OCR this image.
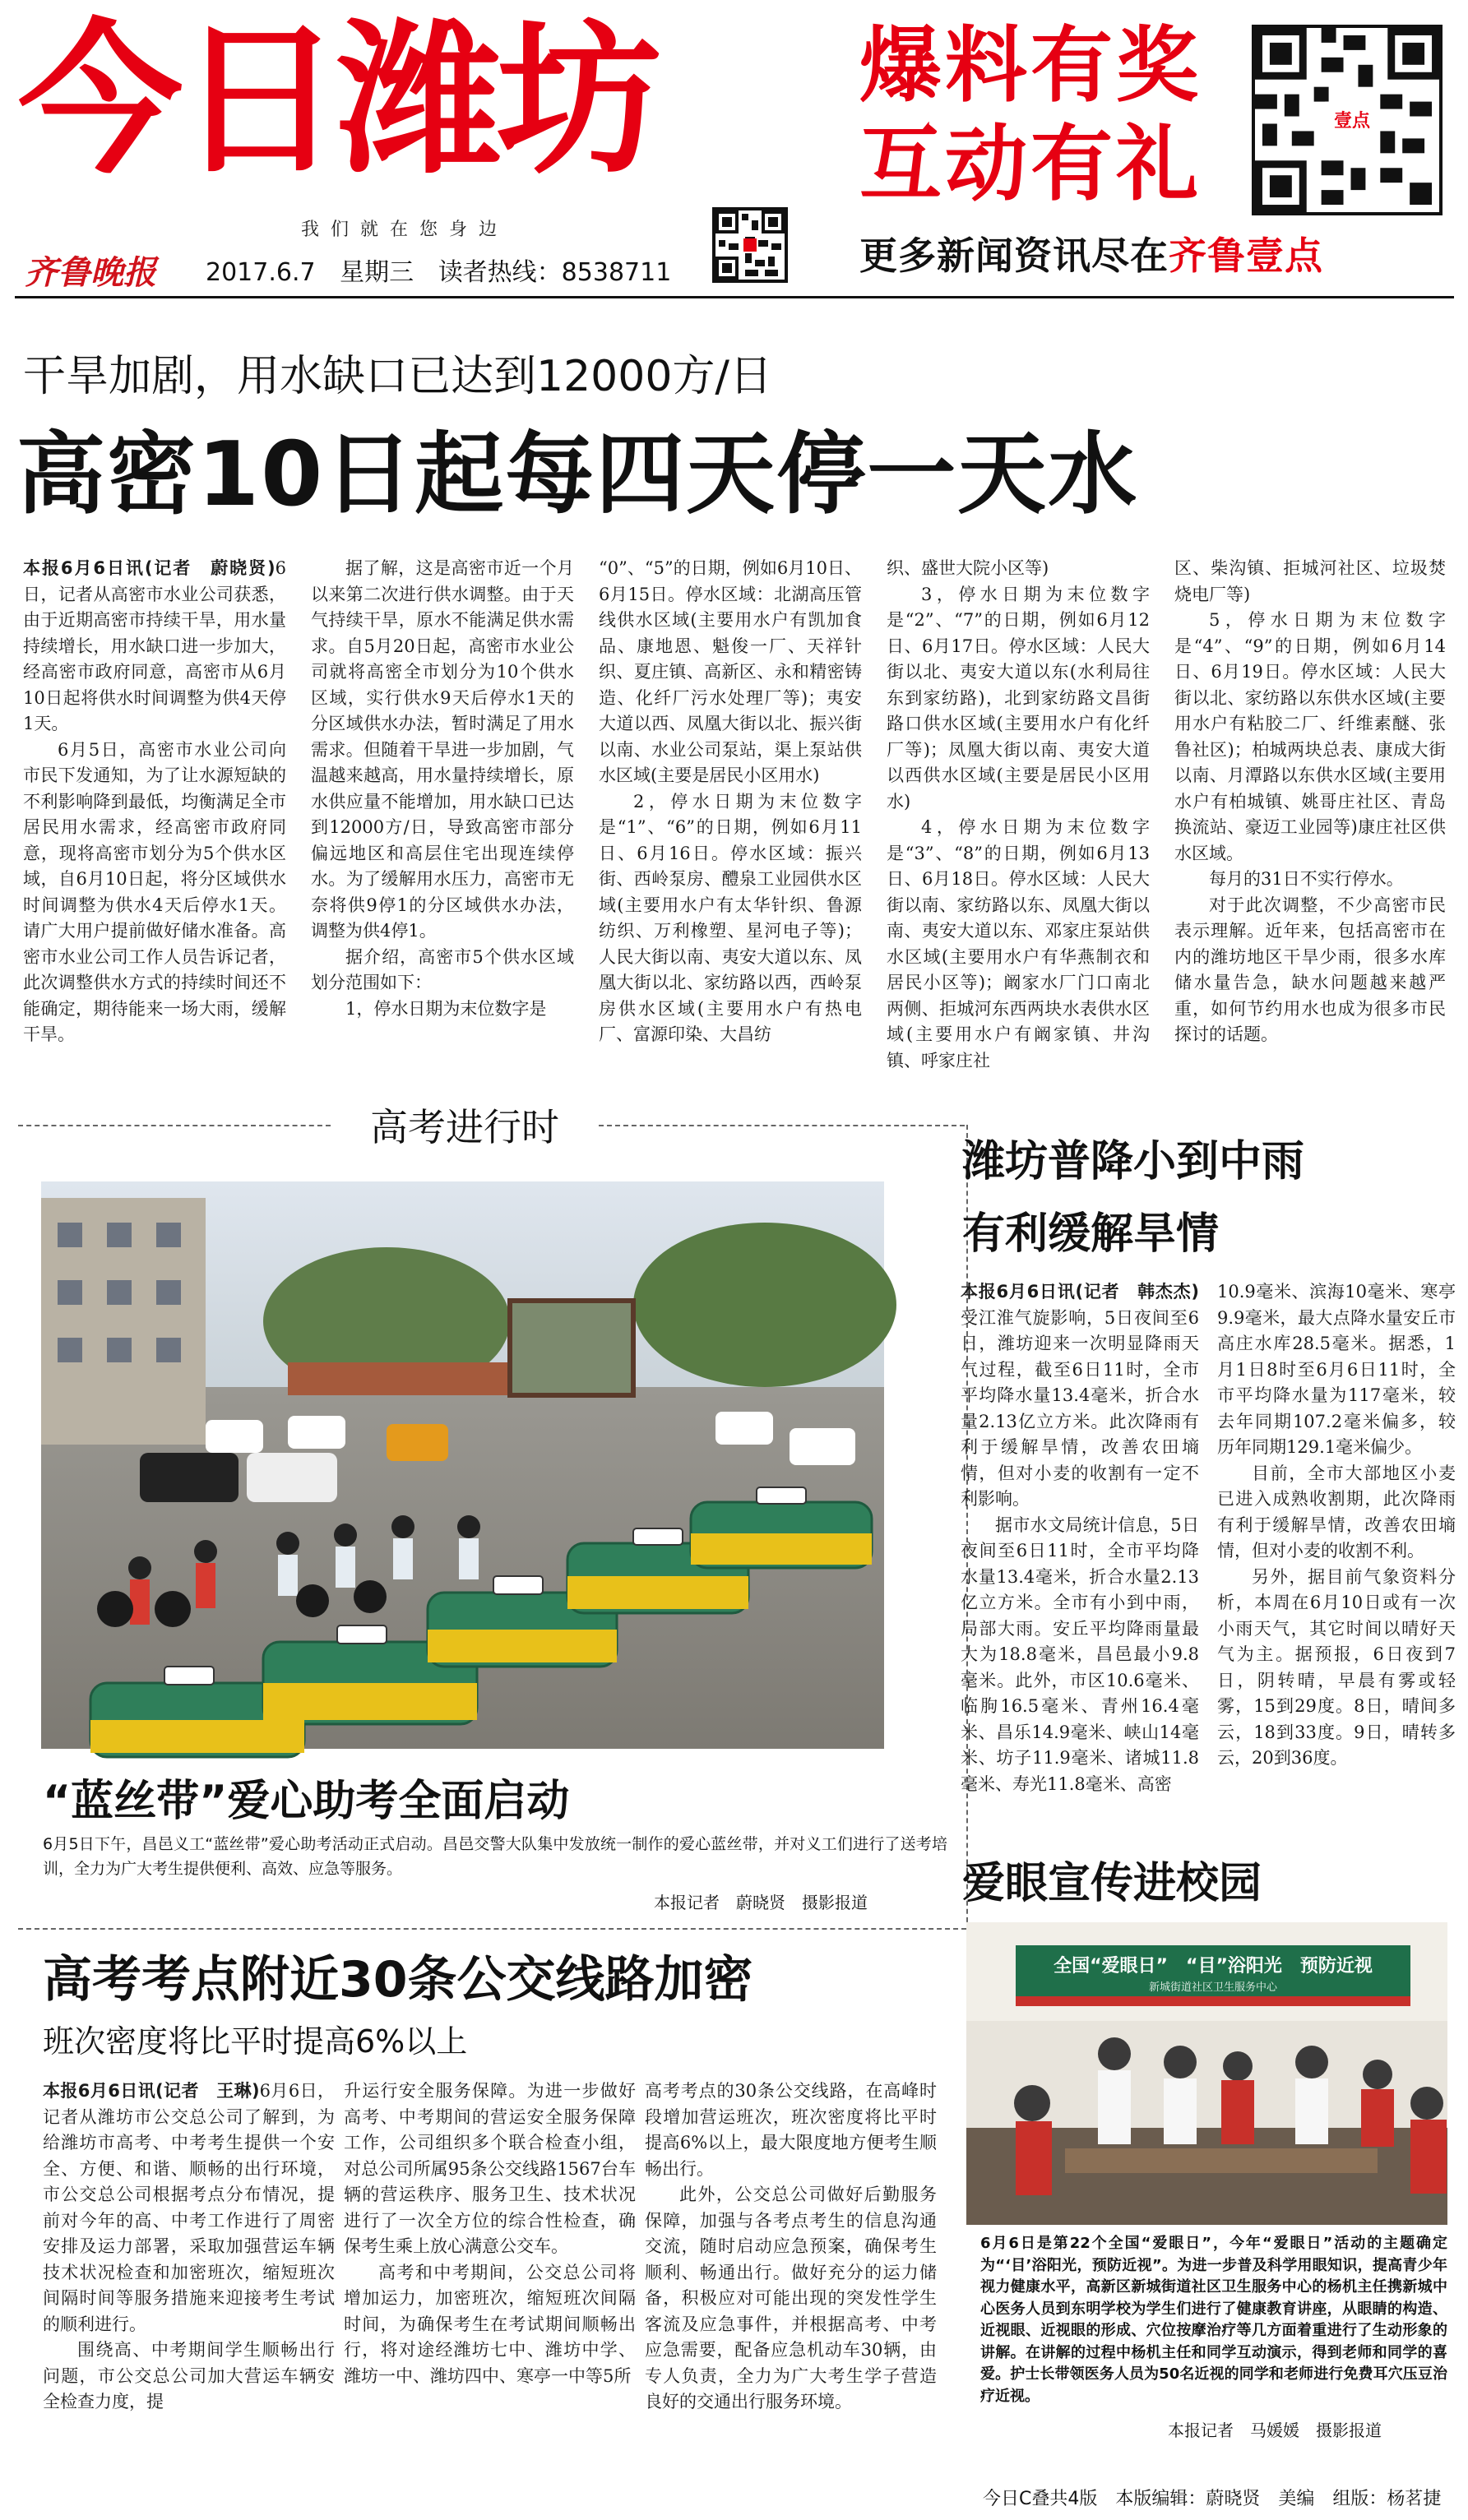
今日潍坊
我们就在您身边
齐鲁晚报	2017.6.7 星期三 读者热线：8538711
爆料有奖
互动有礼
更多新闻资讯尽在齐鲁壹点
壹点
干旱加剧，用水缺口已达到12000方/日
高密10日起每四天停一天水

本报6月6日讯(记者　蔚晓贤)6日，记者从高密市水业公司获悉，由于近期高密市持续干旱，用水量持续增长，用水缺口进一步加大，经高密市政府同意，高密市从6月10日起将供水时间调整为供4天停1天。

6月5日，高密市水业公司向市民下发通知，为了让水源短缺的不利影响降到最低，均衡满足全市居民用水需求，经高密市政府同意，现将高密市划分为5个供水区域，自6月10日起，将分区域供水时间调整为供水4天后停水1天。请广大用户提前做好储水准备。高密市水业公司工作人员告诉记者，此次调整供水方式的持续时间还不能确定，期待能来一场大雨，缓解干旱。

据了解，这是高密市近一个月以来第二次进行供水调整。由于天气持续干旱，原水不能满足供水需求。自5月20日起，高密市水业公司就将高密全市划分为10个供水区域，实行供水9天后停水1天的分区域供水办法，暂时满足了用水需求。但随着干旱进一步加剧，气温越来越高，用水量持续增长，原水供应量不能增加，用水缺口已达到12000方/日，导致高密市部分偏远地区和高层住宅出现连续停水。为了缓解用水压力，高密市无奈将供9停1的分区域供水办法，调整为供4停1。

据介绍，高密市5个供水区域划分范围如下：

1，停水日期为末位数字是

“0”、“5”的日期，例如6月10日、6月15日。停水区域：北湖高压管线供水区域(主要用水户有凯加食品、康地恩、魁俊一厂、天祥针织、夏庄镇、高新区、永和精密铸造、化纤厂污水处理厂等)；夷安大道以西、凤凰大街以北、振兴街以南、水业公司泵站，渠上泵站供水区域(主要是居民小区用水)

2，停水日期为末位数字是“1”、“6”的日期，例如6月11日、6月16日。停水区域：振兴街、西岭泵房、醴泉工业园供水区域(主要用水户有太华针织、鲁源纺织、万利橡塑、星河电子等)；人民大街以南、夷安大道以东、凤凰大街以北、家纺路以西，西岭泵房供水区域(主要用水户有热电厂、富源印染、大昌纺

织、盛世大院小区等)

3，停水日期为末位数字是“2”、“7”的日期，例如6月12日、6月17日。停水区域：人民大街以北、夷安大道以东(水利局往东到家纺路)，北到家纺路文昌街路口供水区域(主要用水户有化纤厂等)；凤凰大街以南、夷安大道以西供水区域(主要是居民小区用水)

4，停水日期为末位数字是“3”、“8”的日期，例如6月13日、6月18日。停水区域：人民大街以南、家纺路以东、凤凰大街以南、夷安大道以东、邓家庄泵站供水区域(主要用水户有华燕制衣和居民小区等)；阚家水厂门口南北两侧、拒城河东西两块水表供水区域(主要用水户有阚家镇、井沟镇、呼家庄社

区、柴沟镇、拒城河社区、垃圾焚烧电厂等)

5，停水日期为末位数字是“4”、“9”的日期，例如6月14日、6月19日。停水区域：人民大街以北、家纺路以东供水区域(主要用水户有粘胶二厂、纤维素醚、张鲁社区)；柏城两块总表、康成大街以南、月潭路以东供水区域(主要用水户有柏城镇、姚哥庄社区、青岛换流站、豪迈工业园等)康庄社区供水区域。

每月的31日不实行停水。

对于此次调整，不少高密市民表示理解。近年来，包括高密市在内的潍坊地区干旱少雨，很多水库储水量告急，缺水问题越来越严重，如何节约用水也成为很多市民探讨的话题。

高考进行时
“蓝丝带”爱心助考全面启动
6月5日下午，昌邑义工“蓝丝带”爱心助考活动正式启动。昌邑交警大队集中发放统一制作的爱心蓝丝带，并对义工们进行了送考培训，全力为广大考生提供便利、高效、应急等服务。
本报记者　蔚晓贤　摄影报道
高考考点附近30条公交线路加密
班次密度将比平时提高6%以上

本报6月6日讯(记者　王琳)6月6日，记者从潍坊市公交总公司了解到，为给潍坊市高考、中考考生提供一个安全、方便、和谐、顺畅的出行环境，市公交总公司根据考点分布情况，提前对今年的高、中考工作进行了周密安排及运力部署，采取加强营运车辆技术状况检查和加密班次，缩短班次间隔时间等服务措施来迎接考生考试的顺利进行。

围绕高、中考期间学生顺畅出行问题，市公交总公司加大营运车辆安全检查力度，提

升运行安全服务保障。为进一步做好高考、中考期间的营运安全服务保障工作，公司组织多个联合检查小组，对总公司所属95条公交线路1567台车辆的营运秩序、服务卫生、技术状况进行了一次全方位的综合性检查，确保考生乘上放心满意公交车。

高考和中考期间，公交总公司将增加运力，加密班次，缩短班次间隔时间，为确保考生在考试期间顺畅出行，将对途经潍坊七中、潍坊中学、潍坊一中、潍坊四中、寒亭一中等5所

高考考点的30条公交线路，在高峰时段增加营运班次，班次密度将比平时提高6%以上，最大限度地方便考生顺畅出行。

此外，公交总公司做好后勤服务保障，加强与各考点考生的信息沟通交流，随时启动应急预案，确保考生顺利、畅通出行。做好充分的运力储备，积极应对可能出现的突发性学生客流及应急事件，并根据高考、中考应急需要，配备应急机动车30辆，由专人负责，全力为广大考生学子营造良好的交通出行服务环境。

潍坊普降小到中雨
有利缓解旱情

本报6月6日讯(记者　韩杰杰)受江淮气旋影响，5日夜间至6日，潍坊迎来一次明显降雨天气过程，截至6日11时，全市平均降水量13.4毫米，折合水量2.13亿立方米。此次降雨有利于缓解旱情，改善农田墒情，但对小麦的收割有一定不利影响。

据市水文局统计信息，5日夜间至6日11时，全市平均降水量13.4毫米，折合水量2.13亿立方米。全市有小到中雨，局部大雨。安丘平均降雨量最大为18.8毫米，昌邑最小9.8毫米。此外，市区10.6毫米、临朐16.5毫米、青州16.4毫米、昌乐14.9毫米、峡山14毫米、坊子11.9毫米、诸城11.8毫米、寿光11.8毫米、高密

10.9毫米、滨海10毫米、寒亭9.9毫米，最大点降水量安丘市高庄水库28.5毫米。据悉，1月1日8时至6月6日11时，全市平均降水量为117毫米，较去年同期107.2毫米偏多，较历年同期129.1毫米偏少。

目前，全市大部地区小麦已进入成熟收割期，此次降雨有利于缓解旱情，改善农田墒情，但对小麦的收割不利。

另外，据目前气象资料分析，本周在6月10日或有一次小雨天气，其它时间以晴好天气为主。据预报，6日夜到7日，阴转晴，早晨有雾或轻雾，15到29度。8日，晴间多云，18到33度。9日，晴转多云，20到36度。

爱眼宣传进校园
全国“爱眼日”　“目”浴阳光　预防近视
新城街道社区卫生服务中心
6月6日是第22个全国“爱眼日”，今年“爱眼日”活动的主题确定为“‘目’浴阳光，预防近视”。为进一步普及科学用眼知识，提高青少年视力健康水平，高新区新城街道社区卫生服务中心的杨机主任携新城中心医务人员到东明学校为学生们进行了健康教育讲座，从眼睛的构造、近视眼、近视眼的形成、穴位按摩治疗等几方面着重进行了生动形象的讲解。在讲解的过程中杨机主任和同学互动演示，得到老师和同学的喜爱。护士长带领医务人员为50名近视的同学和老师进行免费耳穴压豆治疗近视。
本报记者　马媛媛　摄影报道
今日C叠共4版　本版编辑：蔚晓贤　美编　组版：杨茗捷
